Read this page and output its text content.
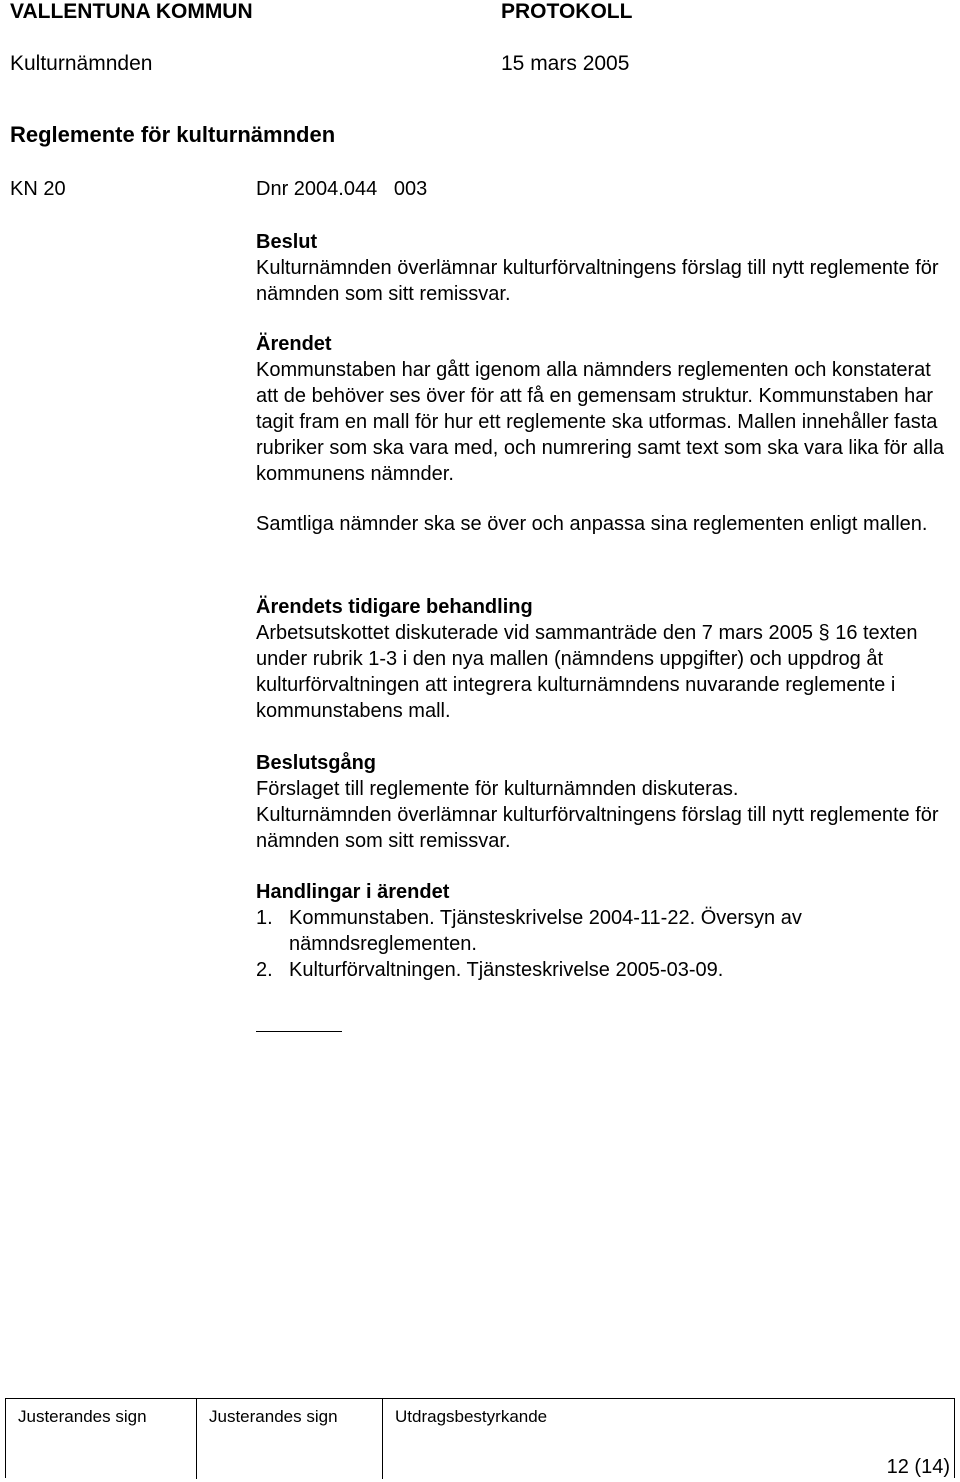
VALLENTUNA KOMMUN	PROTOKOLL
Kulturnämnden	15 mars 2005
Reglemente för kulturnämnden
KN 20	Dnr 2004.044   003

Beslut

Kulturnämnden överlämnar kulturförvaltningens förslag till nytt reglemente för nämnden som sitt remissvar.

Ärendet

Kommunstaben har gått igenom alla nämnders reglementen och konstaterat att de behöver ses över för att få en gemensam struktur. Kommunstaben har tagit fram en mall för hur ett reglemente ska utformas. Mallen innehåller fasta rubriker som ska vara med, och numrering samt text som ska vara lika för alla kommunens nämnder.

Samtliga nämnder ska se över och anpassa sina reglementen enligt mallen.

Ärendets tidigare behandling

Arbetsutskottet diskuterade vid sammanträde den 7 mars 2005 § 16 texten under rubrik 1-3 i den nya mallen (nämndens uppgifter) och uppdrog åt kulturförvaltningen att integrera kulturnämndens nuvarande reglemente i kommunstabens mall.

Beslutsgång

Förslaget till reglemente för kulturnämnden diskuteras.

Kulturnämnden överlämnar kulturförvaltningens förslag till nytt reglemente för nämnden som sitt remissvar.

Handlingar i ärendet

1. Kommunstaben. Tjänsteskrivelse 2004-11-22. Översyn av nämndsreglementen.
2. Kulturförvaltningen. Tjänsteskrivelse 2005-03-09.
Justerandes sign	Justerandes sign	Utdragsbestyrkande
12 (14)
